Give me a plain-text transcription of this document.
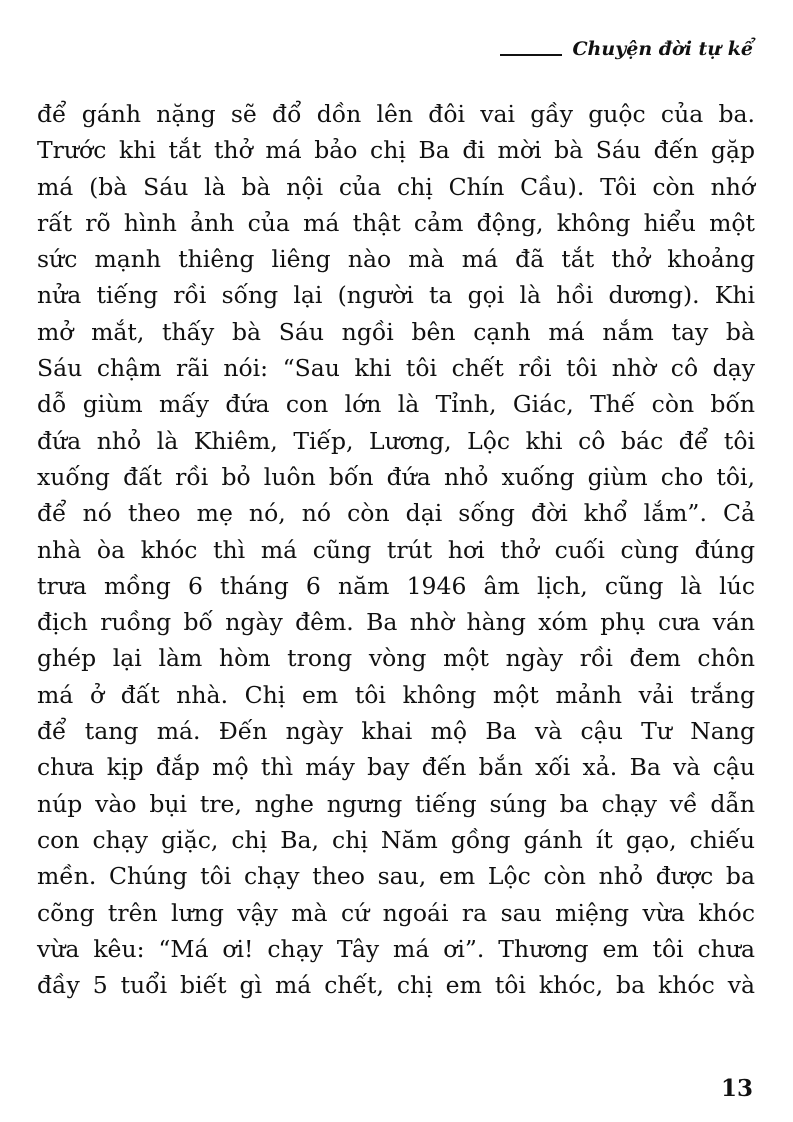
Chuyện đời tự kể
để gánh nặng sẽ đổ dồn lên đôi vai gầy guộc của ba.
Trước khi tắt thở má bảo chị Ba đi mời bà Sáu đến gặp
má (bà Sáu là bà nội của chị Chín Cầu). Tôi còn nhớ
rất rõ hình ảnh của má thật cảm động, không hiểu một
sức mạnh thiêng liêng nào mà má đã tắt thở khoảng
nửa tiếng rồi sống lại (người ta gọi là hồi dương). Khi
mở mắt, thấy bà Sáu ngồi bên cạnh má nắm tay bà
Sáu chậm rãi nói: “Sau khi tôi chết rồi tôi nhờ cô dạy
dỗ giùm mấy đứa con lớn là Tỉnh, Giác, Thế còn bốn
đứa nhỏ là Khiêm, Tiếp, Lương, Lộc khi cô bác để tôi
xuống đất rồi bỏ luôn bốn đứa nhỏ xuống giùm cho tôi,
để nó theo mẹ nó, nó còn dại sống đời khổ lắm”. Cả
nhà òa khóc thì má cũng trút hơi thở cuối cùng đúng
trưa mồng 6 tháng 6 năm 1946 âm lịch, cũng là lúc
địch ruồng bố ngày đêm. Ba nhờ hàng xóm phụ cưa ván
ghép lại làm hòm trong vòng một ngày rồi đem chôn
má ở đất nhà. Chị em tôi không một mảnh vải trắng
để tang má. Đến ngày khai mộ Ba và cậu Tư Nang
chưa kịp đắp mộ thì máy bay đến bắn xối xả. Ba và cậu
núp vào bụi tre, nghe ngưng tiếng súng ba chạy về dẫn
con chạy giặc, chị Ba, chị Năm gồng gánh ít gạo, chiếu
mền. Chúng tôi chạy theo sau, em Lộc còn nhỏ được ba
cõng trên lưng vậy mà cứ ngoái ra sau miệng vừa khóc
vừa kêu: “Má ơi! chạy Tây má ơi”. Thương em tôi chưa
đầy 5 tuổi biết gì má chết, chị em tôi khóc, ba khóc và
13
